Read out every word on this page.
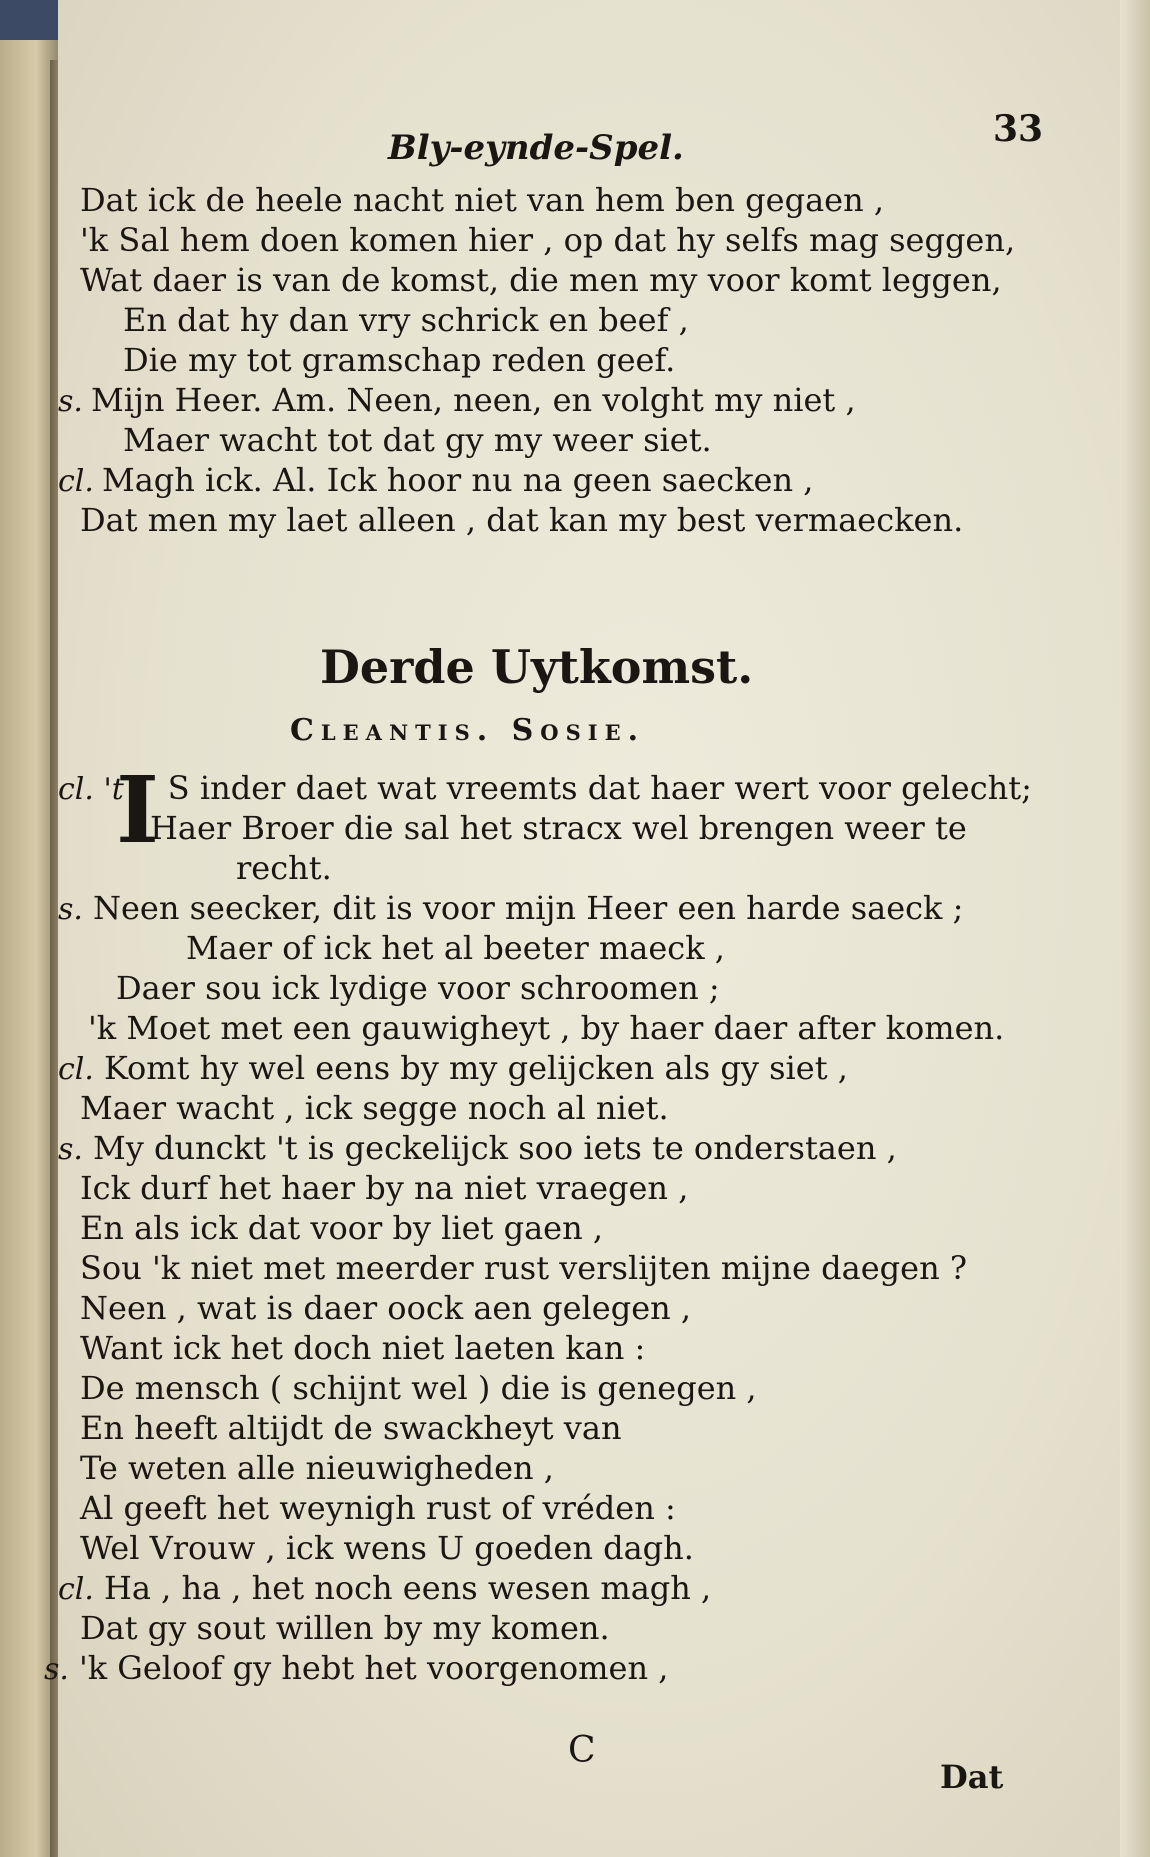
Bly-eynde-Spel.	33
Dat ick de heele nacht niet van hem ben gegaen ,
'k Sal hem doen komen hier , op dat hy selfs mag seggen,
Wat daer is van de komst, die men my voor komt leggen,
En dat hy dan vry schrick en beef ,
Die my tot gramschap reden geef.
s. Mijn Heer. Am. Neen, neen, en volght my niet ,
Maer wacht tot dat gy my weer siet.
cl. Magh ick. Al. Ick hoor nu na geen saecken ,
Dat men my laet alleen , dat kan my best vermaecken.
Derde Uytkomst.
Cleantis. Sosie.
I
cl. 't S inder daet wat vreemts dat haer wert voor gelecht;
Haer Broer die sal het stracx wel brengen weer te
recht.
s. Neen seecker, dit is voor mijn Heer een harde saeck ;
Maer of ick het al beeter maeck ,
Daer sou ick lydige voor schroomen ;
'k Moet met een gauwigheyt , by haer daer after komen.
cl. Komt hy wel eens by my gelijcken als gy siet ,
Maer wacht , ick segge noch al niet.
s. My dunckt 't is geckelijck soo iets te onderstaen ,
Ick durf het haer by na niet vraegen ,
En als ick dat voor by liet gaen ,
Sou 'k niet met meerder rust verslijten mijne daegen ?
Neen , wat is daer oock aen gelegen ,
Want ick het doch niet laeten kan :
De mensch ( schijnt wel ) die is genegen ,
En heeft altijdt de swackheyt van
Te weten alle nieuwigheden ,
Al geeft het weynigh rust of vréden :
Wel Vrouw , ick wens U goeden dagh.
cl. Ha , ha , het noch eens wesen magh ,
Dat gy sout willen by my komen.
s. 'k Geloof gy hebt het voorgenomen ,
C
Dat
